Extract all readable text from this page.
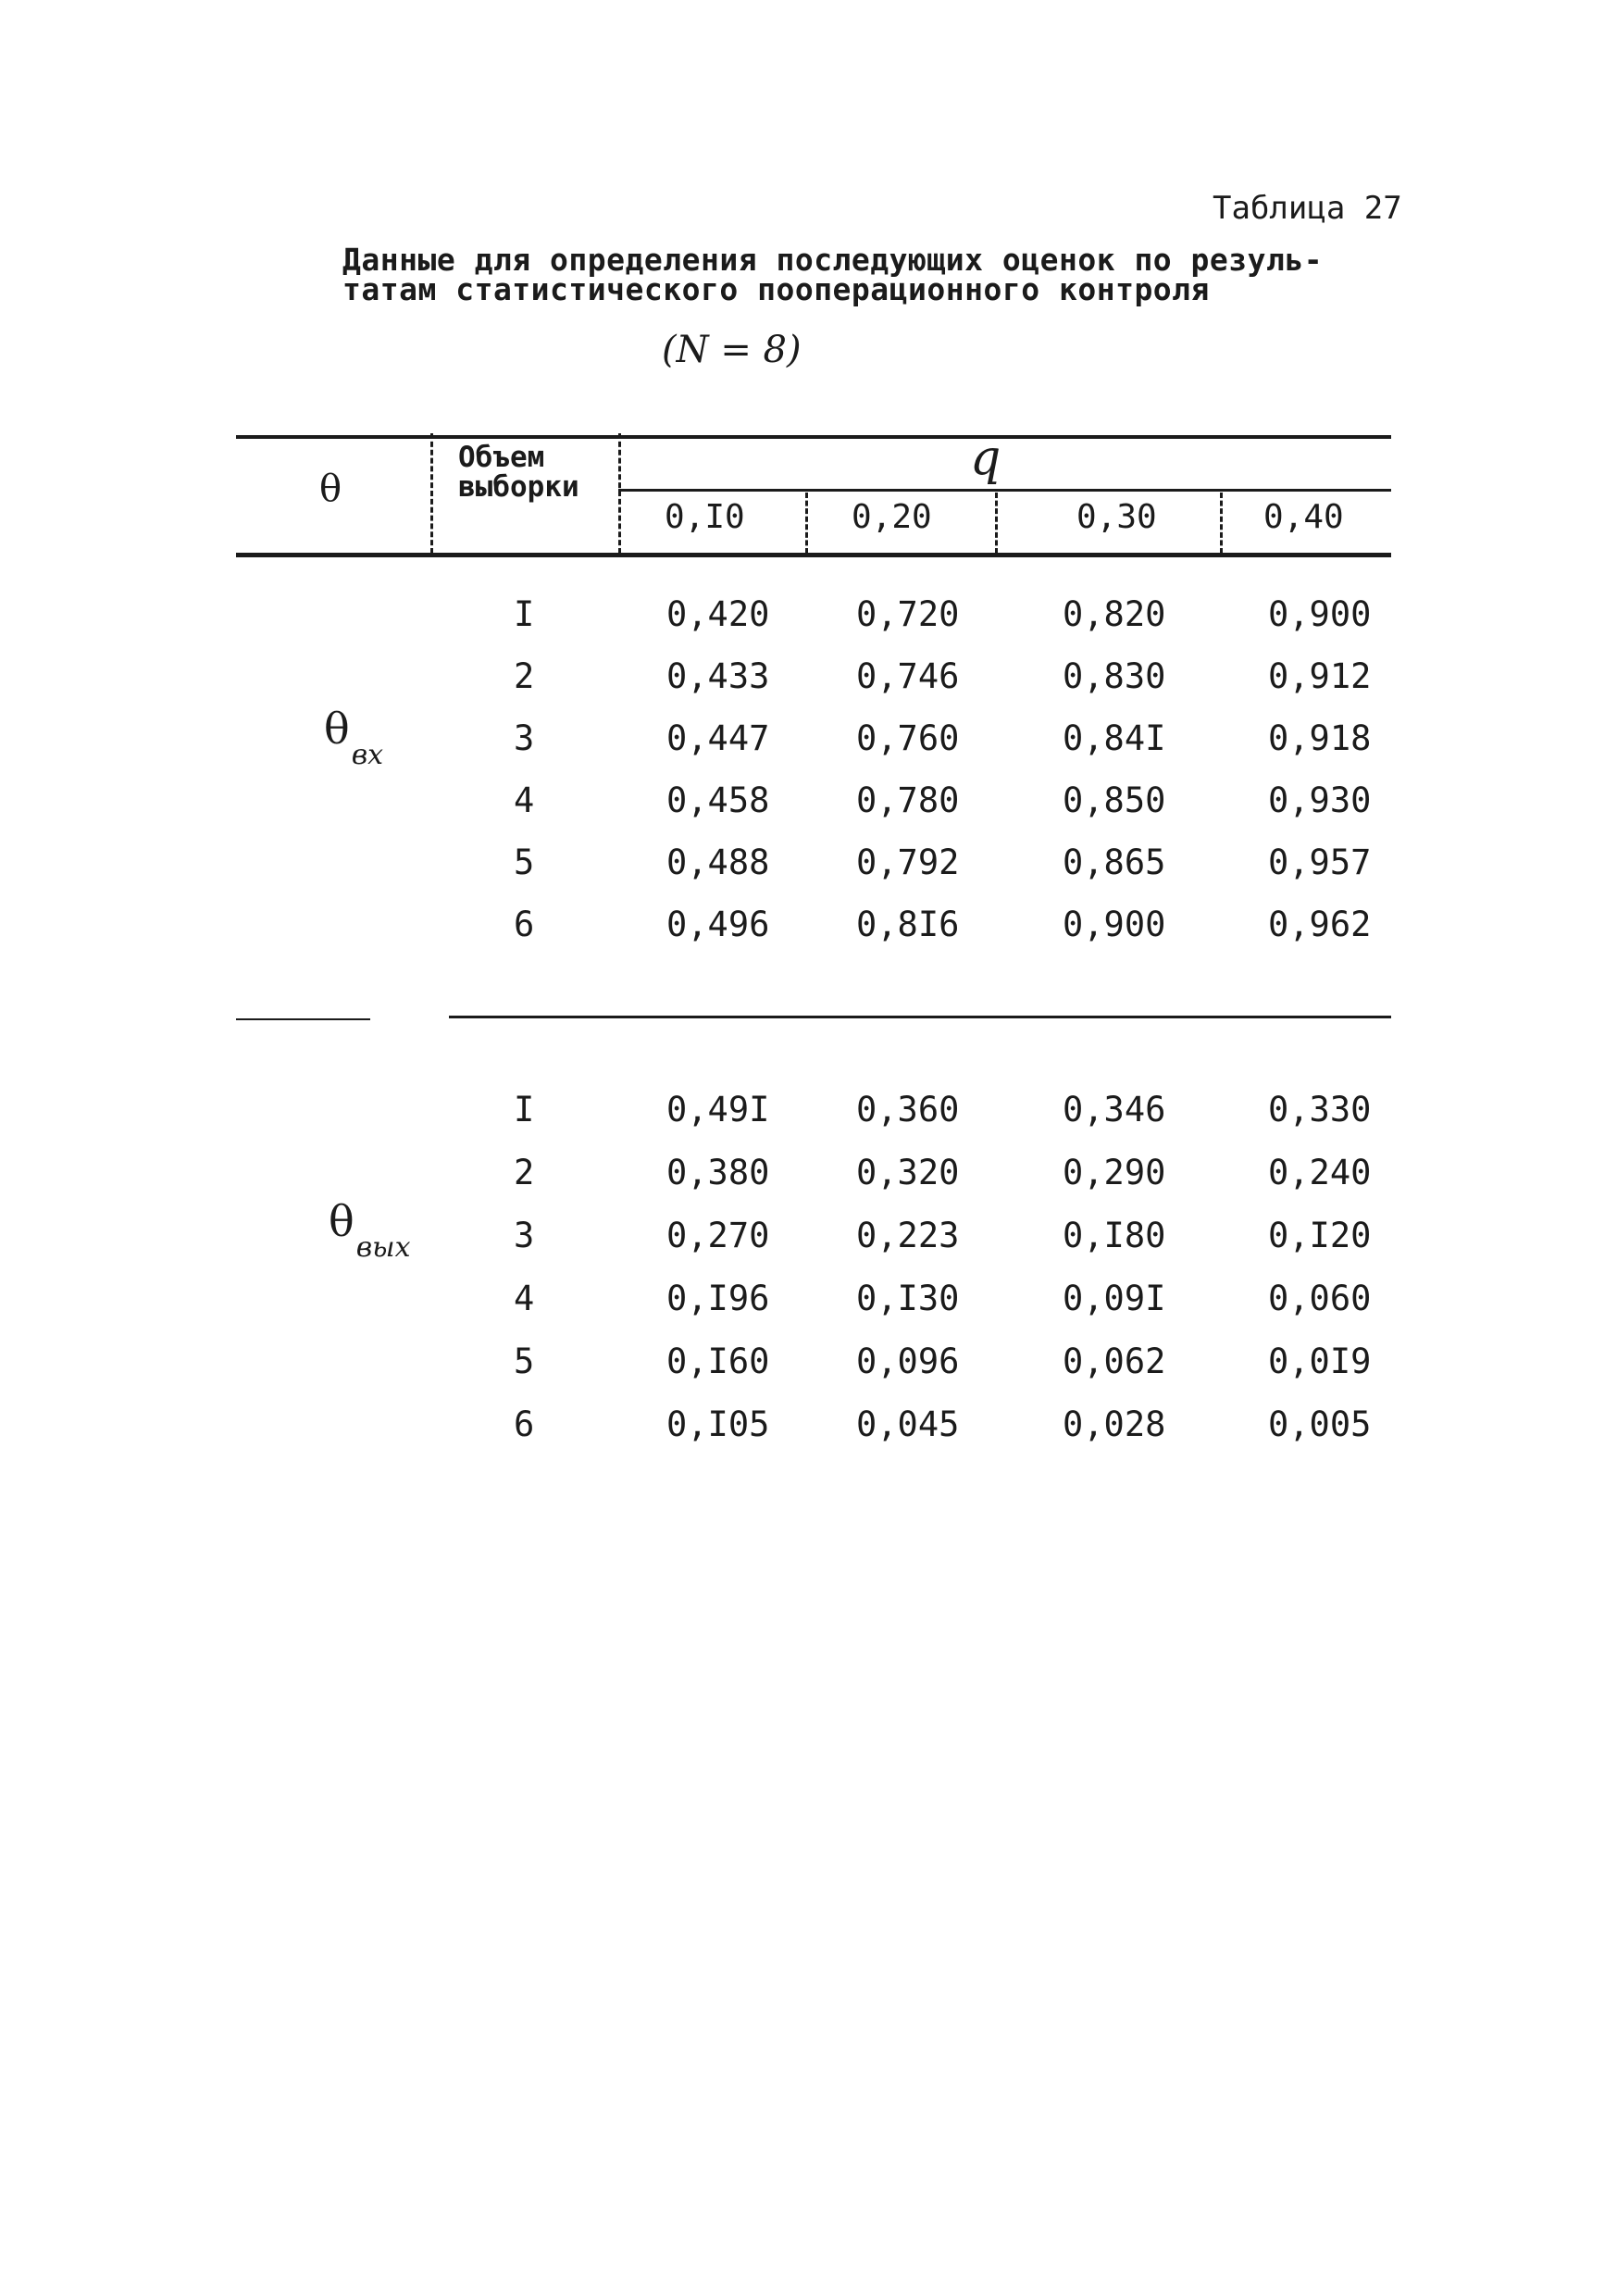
Таблица 27
Данные для определения последующих оценок по резуль-
татам статистического пооперационного контроля
(N = 8)
θ
Объем
выборки
q
0,I0	0,20	0,30	0,40
θвх
θвых
I	0,420	0,720	0,820	0,900
2	0,433	0,746	0,830	0,912
3	0,447	0,760	0,84I	0,918
4	0,458	0,780	0,850	0,930
5	0,488	0,792	0,865	0,957
6	0,496	0,8I6	0,900	0,962
I	0,49I	0,360	0,346	0,330
2	0,380	0,320	0,290	0,240
3	0,270	0,223	0,I80	0,I20
4	0,I96	0,I30	0,09I	0,060
5	0,I60	0,096	0,062	0,0I9
6	0,I05	0,045	0,028	0,005
